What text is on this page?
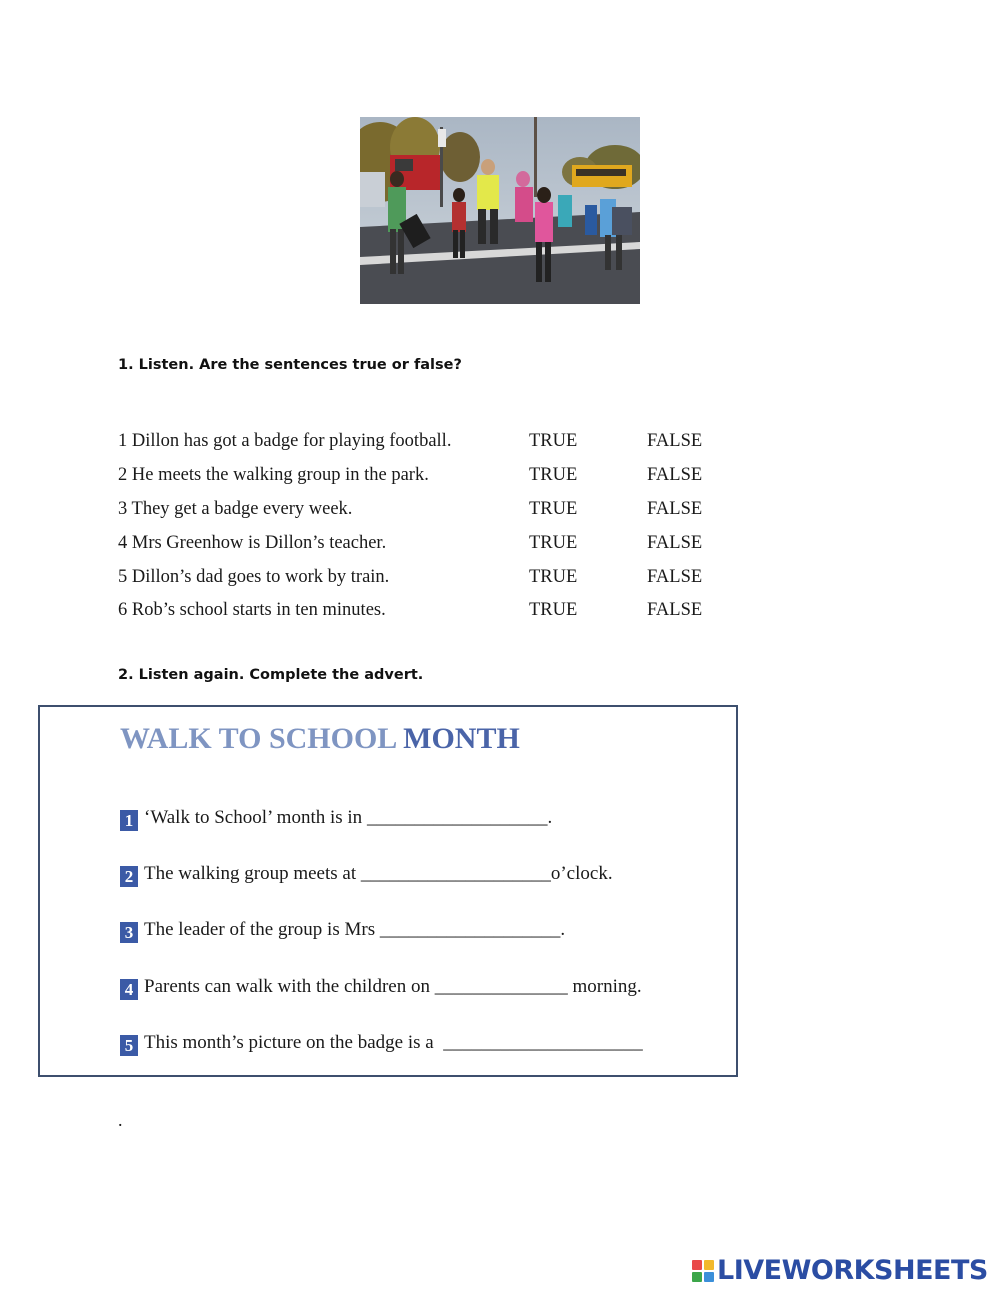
1. Listen. Are the sentences true or false?
1 Dillon has got a badge for playing football.	TRUE	FALSE
2 He meets the walking group in the park.	TRUE	FALSE
3 They get a badge every week.	TRUE	FALSE
4 Mrs Greenhow is Dillon’s teacher.	TRUE	FALSE
5 Dillon’s dad goes to work by train.	TRUE	FALSE
6 Rob’s school starts in ten minutes.	TRUE	FALSE
2. Listen again. Complete the advert.
WALK TO SCHOOL MONTH
1 ‘Walk to School’ month is in ___________________.
2 The walking group meets at ____________________o’clock.
3 The leader of the group is Mrs ___________________.
4 Parents can walk with the children on ______________ morning.
5 This month’s picture on the badge is a  _____________________
.
LIVEWORKSHEETS
